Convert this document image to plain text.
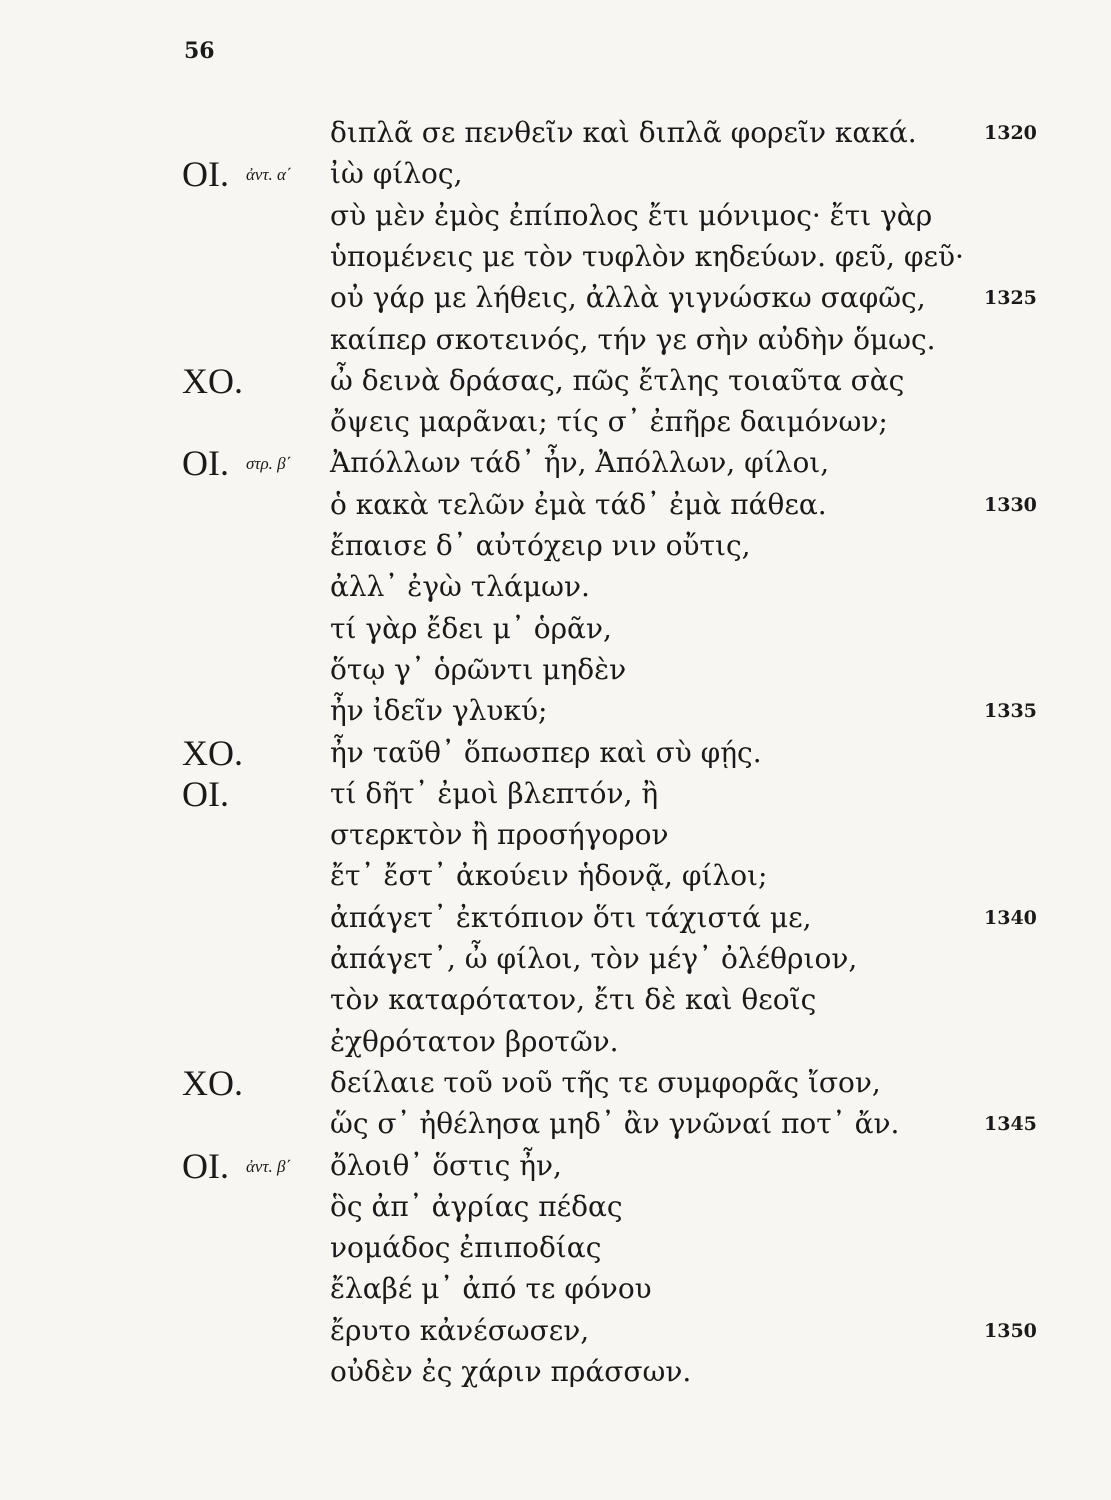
56
διπλᾶ σε πενθεῖν καὶ διπλᾶ φορεῖν κακά.	1320
ΟΙ. ἀντ. α΄ ἰὼ φίλος,
σὺ μὲν ἐμὸς ἐπίπολος ἔτι μόνιμος· ἔτι γὰρ
ὑπομένεις με τὸν τυφλὸν κηδεύων. φεῦ, φεῦ·
οὐ γάρ με λήθεις, ἀλλὰ γιγνώσκω σαφῶς,	1325
καίπερ σκοτεινός, τήν γε σὴν αὐδὴν ὅμως.
ΧΟ.	ὦ δεινὰ δράσας, πῶς ἔτλης τοιαῦτα σὰς
ὄψεις μαρᾶναι; τίς σ᾽ ἐπῆρε δαιμόνων;
ΟΙ. στρ. β΄ Ἀπόλλων τάδ᾽ ἦν, Ἀπόλλων, φίλοι,
ὁ κακὰ τελῶν ἐμὰ τάδ᾽ ἐμὰ πάθεα.	1330
ἔπαισε δ᾽ αὐτόχειρ νιν οὔτις,
ἀλλ᾽ ἐγὼ τλάμων.
τί γὰρ ἔδει μ᾽ ὁρᾶν,
ὅτῳ γ᾽ ὁρῶντι μηδὲν
ἦν ἰδεῖν γλυκύ;	1335
ΧΟ.	ἦν ταῦθ᾽ ὅπωσπερ καὶ σὺ φῄς.
ΟΙ.	τί δῆτ᾽ ἐμοὶ βλεπτόν, ἢ
στερκτὸν ἢ προσήγορον
ἔτ᾽ ἔστ᾽ ἀκούειν ἡδονᾷ, φίλοι;
ἀπάγετ᾽ ἐκτόπιον ὅτι τάχιστά με,	1340
ἀπάγετ᾽, ὦ φίλοι, τὸν μέγ᾽ ὀλέθριον,
τὸν καταρότατον, ἔτι δὲ καὶ θεοῖς
ἐχθρότατον βροτῶν.
ΧΟ.	δείλαιε τοῦ νοῦ τῆς τε συμφορᾶς ἴσον,
ὥς σ᾽ ἠθέλησα μηδ᾽ ἂν γνῶναί ποτ᾽ ἄν.	1345
ΟΙ. ἀντ. β΄ ὄλοιθ᾽ ὅστις ἦν,
ὃς ἀπ᾽ ἀγρίας πέδας
νομάδος ἐπιποδίας
ἔλαβέ μ᾽ ἀπό τε φόνου
ἔρυτο κἀνέσωσεν,	1350
οὐδὲν ἐς χάριν πράσσων.
